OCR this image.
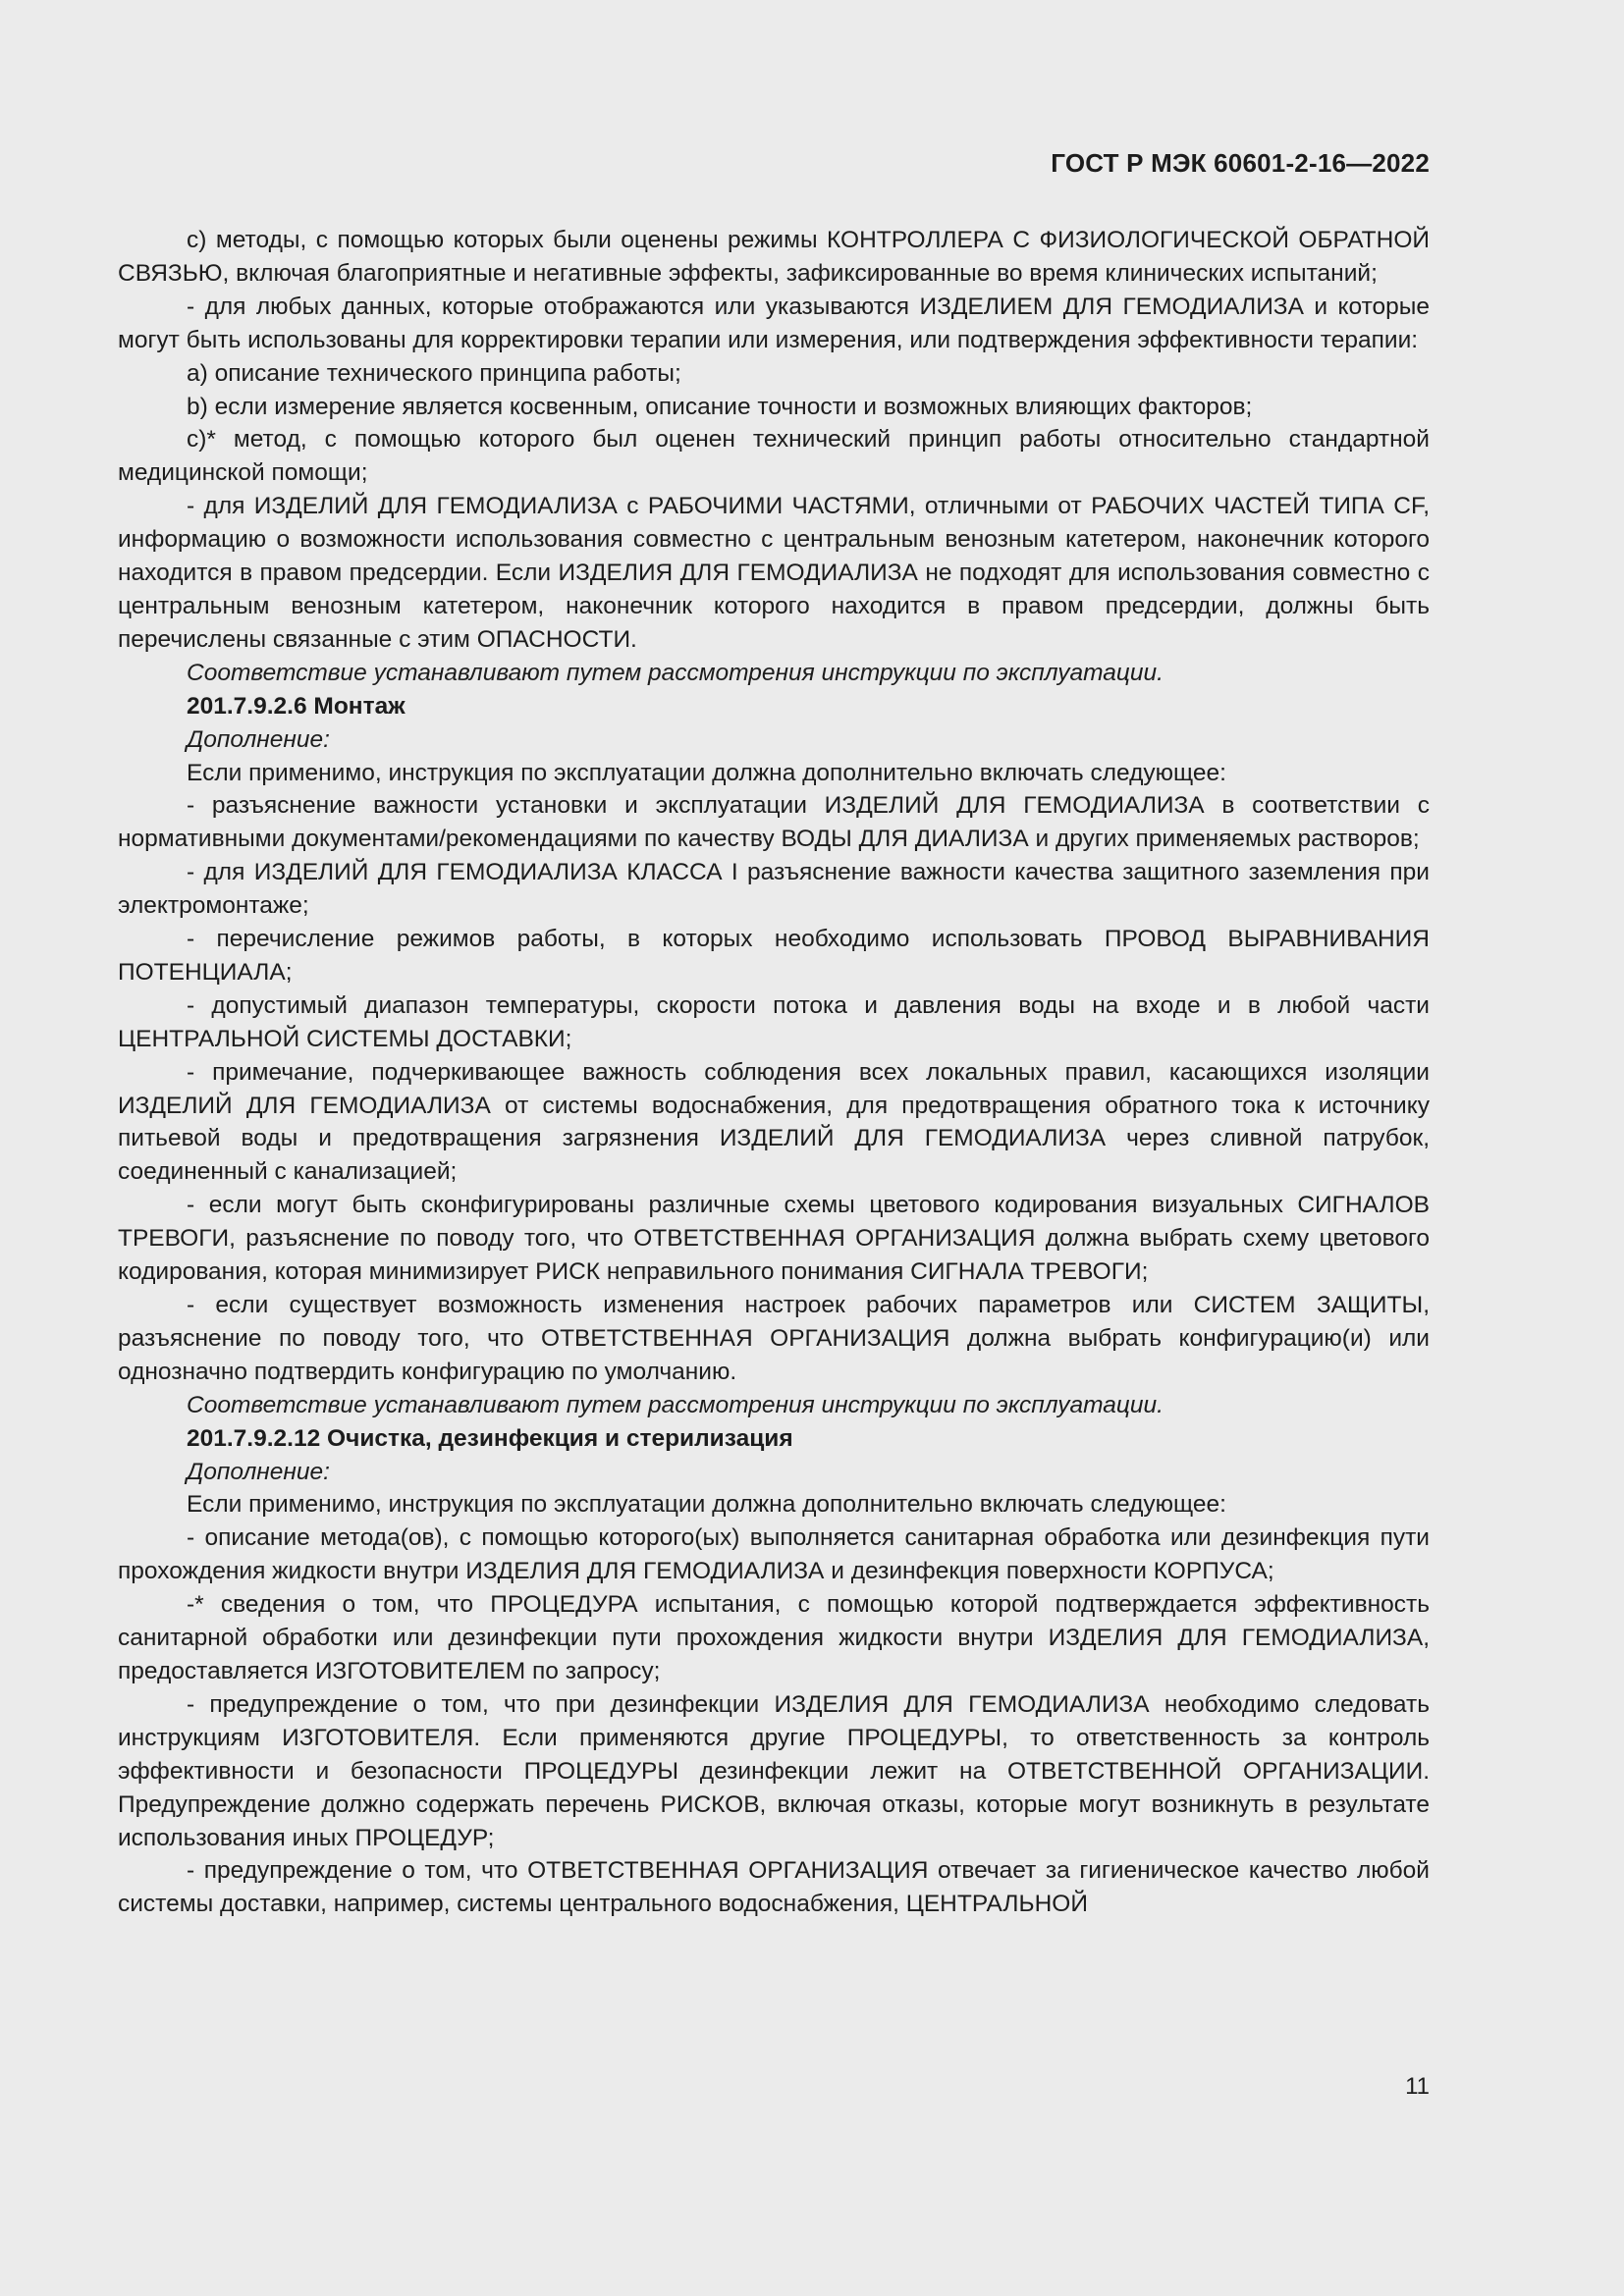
ГОСТ Р МЭК 60601-2-16—2022

c) методы, с помощью которых были оценены режимы КОНТРОЛЛЕРА С ФИЗИОЛОГИЧЕСКОЙ ОБРАТНОЙ СВЯЗЬЮ, включая благоприятные и негативные эффекты, зафиксированные во время клинических испытаний;

- для любых данных, которые отображаются или указываются ИЗДЕЛИЕМ ДЛЯ ГЕМОДИАЛИЗА и которые могут быть использованы для корректировки терапии или измерения, или подтверждения эффективности терапии:

a) описание технического принципа работы;

b) если измерение является косвенным, описание точности и возможных влияющих факторов;

c)* метод, с помощью которого был оценен технический принцип работы относительно стандартной медицинской помощи;

- для ИЗДЕЛИЙ ДЛЯ ГЕМОДИАЛИЗА с РАБОЧИМИ ЧАСТЯМИ, отличными от РАБОЧИХ ЧАСТЕЙ ТИПА CF, информацию о возможности использования совместно с центральным венозным катетером, наконечник которого находится в правом предсердии. Если ИЗДЕЛИЯ ДЛЯ ГЕМОДИАЛИЗА не подходят для использования совместно с центральным венозным катетером, наконечник которого находится в правом предсердии, должны быть перечислены связанные с этим ОПАСНОСТИ.

Соответствие устанавливают путем рассмотрения инструкции по эксплуатации.

201.7.9.2.6 Монтаж

Дополнение:

Если применимо, инструкция по эксплуатации должна дополнительно включать следующее:

- разъяснение важности установки и эксплуатации ИЗДЕЛИЙ ДЛЯ ГЕМОДИАЛИЗА в соответствии с нормативными документами/рекомендациями по качеству ВОДЫ ДЛЯ ДИАЛИЗА и других применяемых растворов;

- для ИЗДЕЛИЙ ДЛЯ ГЕМОДИАЛИЗА КЛАССА I разъяснение важности качества защитного заземления при электромонтаже;

- перечисление режимов работы, в которых необходимо использовать ПРОВОД ВЫРАВНИВАНИЯ ПОТЕНЦИАЛА;

- допустимый диапазон температуры, скорости потока и давления воды на входе и в любой части ЦЕНТРАЛЬНОЙ СИСТЕМЫ ДОСТАВКИ;

- примечание, подчеркивающее важность соблюдения всех локальных правил, касающихся изоляции ИЗДЕЛИЙ ДЛЯ ГЕМОДИАЛИЗА от системы водоснабжения, для предотвращения обратного тока к источнику питьевой воды и предотвращения загрязнения ИЗДЕЛИЙ ДЛЯ ГЕМОДИАЛИЗА через сливной патрубок, соединенный с канализацией;

- если могут быть сконфигурированы различные схемы цветового кодирования визуальных СИГНАЛОВ ТРЕВОГИ, разъяснение по поводу того, что ОТВЕТСТВЕННАЯ ОРГАНИЗАЦИЯ должна выбрать схему цветового кодирования, которая минимизирует РИСК неправильного понимания СИГНАЛА ТРЕВОГИ;

- если существует возможность изменения настроек рабочих параметров или СИСТЕМ ЗАЩИТЫ, разъяснение по поводу того, что ОТВЕТСТВЕННАЯ ОРГАНИЗАЦИЯ должна выбрать конфигурацию(и) или однозначно подтвердить конфигурацию по умолчанию.

Соответствие устанавливают путем рассмотрения инструкции по эксплуатации.

201.7.9.2.12 Очистка, дезинфекция и стерилизация

Дополнение:

Если применимо, инструкция по эксплуатации должна дополнительно включать следующее:

- описание метода(ов), с помощью которого(ых) выполняется санитарная обработка или дезинфекция пути прохождения жидкости внутри ИЗДЕЛИЯ ДЛЯ ГЕМОДИАЛИЗА и дезинфекция поверхности КОРПУСА;

-* сведения о том, что ПРОЦЕДУРА испытания, с помощью которой подтверждается эффективность санитарной обработки или дезинфекции пути прохождения жидкости внутри ИЗДЕЛИЯ ДЛЯ ГЕМОДИАЛИЗА, предоставляется ИЗГОТОВИТЕЛЕМ по запросу;

- предупреждение о том, что при дезинфекции ИЗДЕЛИЯ ДЛЯ ГЕМОДИАЛИЗА необходимо следовать инструкциям ИЗГОТОВИТЕЛЯ. Если применяются другие ПРОЦЕДУРЫ, то ответственность за контроль эффективности и безопасности ПРОЦЕДУРЫ дезинфекции лежит на ОТВЕТСТВЕННОЙ ОРГАНИЗАЦИИ. Предупреждение должно содержать перечень РИСКОВ, включая отказы, которые могут возникнуть в результате использования иных ПРОЦЕДУР;

- предупреждение о том, что ОТВЕТСТВЕННАЯ ОРГАНИЗАЦИЯ отвечает за гигиеническое качество любой системы доставки, например, системы центрального водоснабжения, ЦЕНТРАЛЬНОЙ

11
